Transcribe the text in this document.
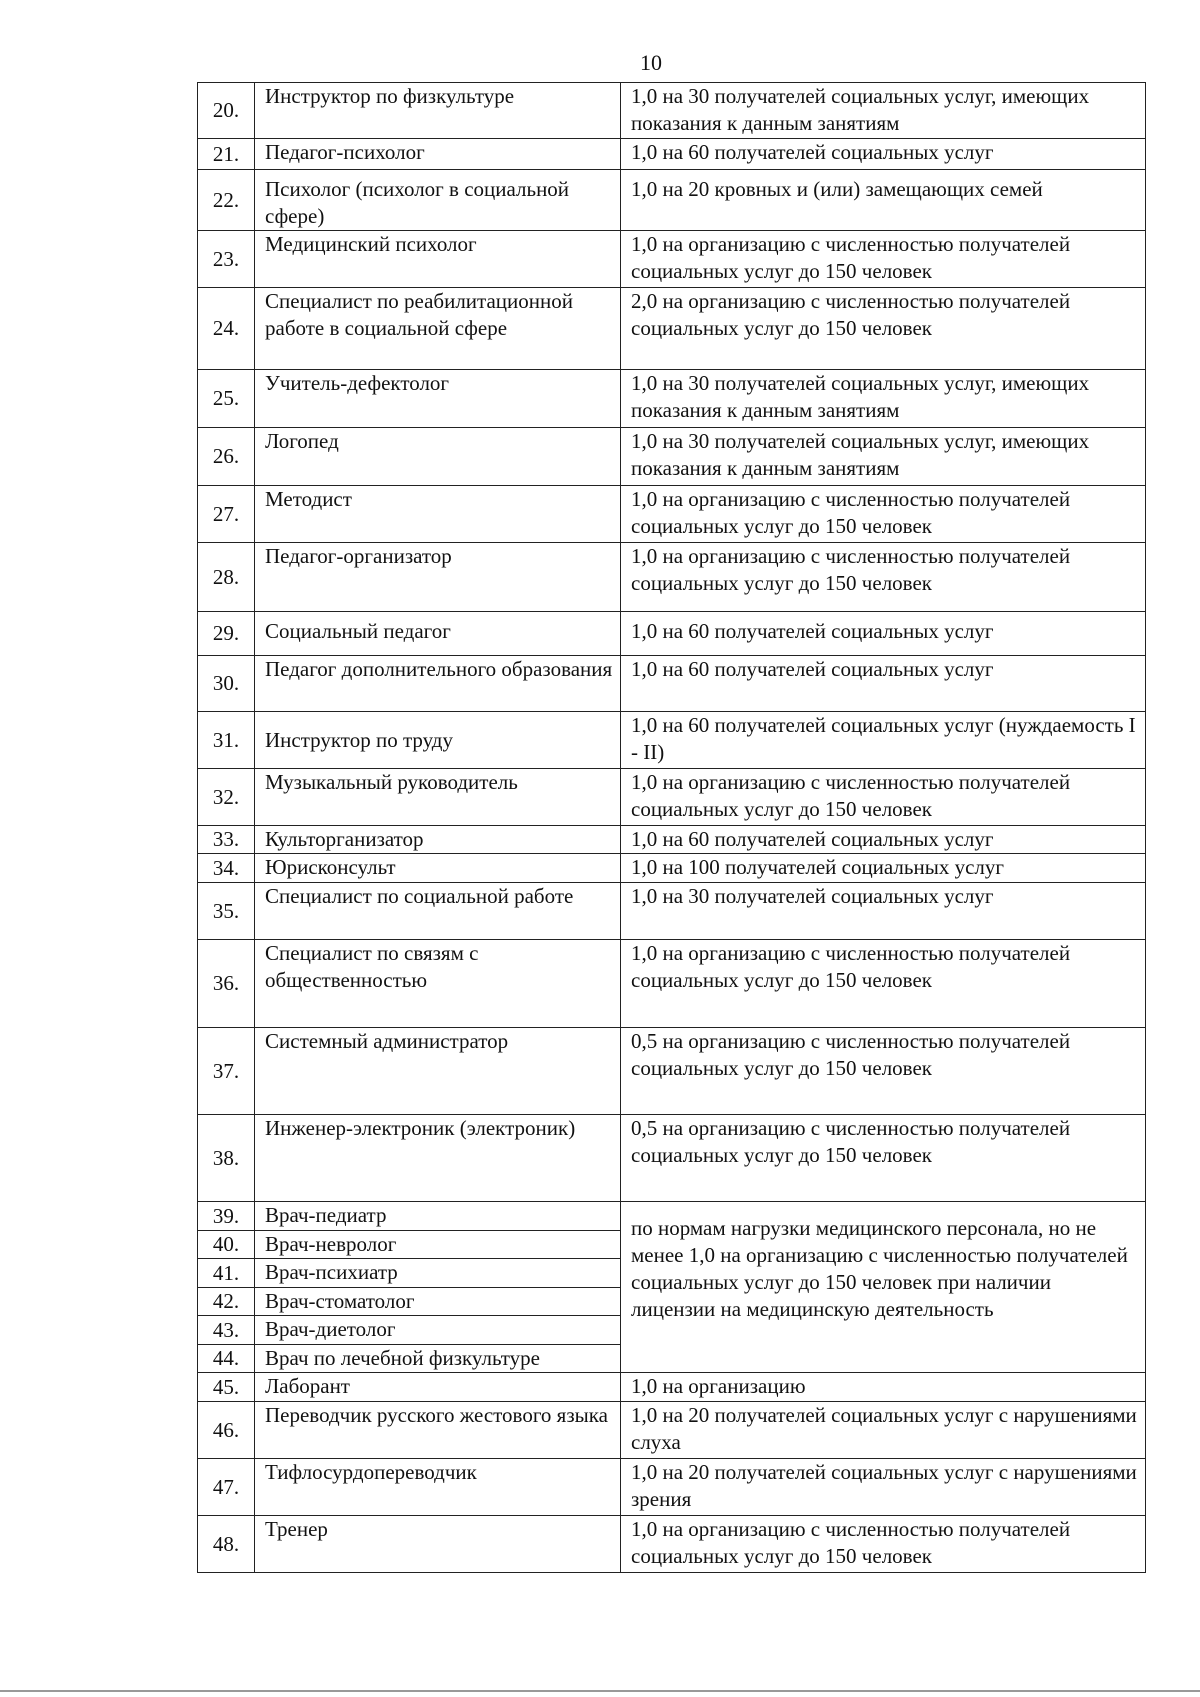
10
20.	Инструктор по физкультуре	1,0 на 30 получателей социальных услуг, имеющих показания к данным занятиям
21.	Педагог-психолог	1,0 на 60 получателей социальных услуг
22.	Психолог (психолог в социальной сфере)	1,0 на 20 кровных и (или) замещающих семей
23.	Медицинский психолог	1,0 на организацию с численностью получателей социальных услуг до 150 человек
24.	Специалист по реабилитационной работе в социальной сфере	2,0 на организацию с численностью получателей социальных услуг до 150 человек
25.	Учитель-дефектолог	1,0 на 30 получателей социальных услуг, имеющих показания к данным занятиям
26.	Логопед	1,0 на 30 получателей социальных услуг, имеющих показания к данным занятиям
27.	Методист	1,0 на организацию с численностью получателей социальных услуг до 150 человек
28.	Педагог-организатор	1,0 на организацию с численностью получателей социальных услуг до 150 человек
29.	Социальный педагог	1,0 на 60 получателей социальных услуг
30.	Педагог дополнительного образования	1,0 на 60 получателей социальных услуг
31.	Инструктор по труду	1,0 на 60 получателей социальных услуг (нуждаемость I - II)
32.	Музыкальный руководитель	1,0 на организацию с численностью получателей социальных услуг до 150 человек
33.	Культорганизатор	1,0 на 60 получателей социальных услуг
34.	Юрисконсульт	1,0 на 100 получателей социальных услуг
35.	Специалист по социальной работе	1,0 на 30 получателей социальных услуг
36.	Специалист по связям с общественностью	1,0 на организацию с численностью получателей социальных услуг до 150 человек
37.	Системный администратор	0,5 на организацию с численностью получателей социальных услуг до 150 человек
38.	Инженер-электроник (электроник)	0,5 на организацию с численностью получателей социальных услуг до 150 человек
39.	Врач-педиатр	по нормам нагрузки медицинского персонала, но не менее 1,0 на организацию с численностью получателей социальных услуг до 150 человек при наличии лицензии на медицинскую деятельность
40.	Врач-невролог	
41.	Врач-психиатр	
42.	Врач-стоматолог	
43.	Врач-диетолог	
44.	Врач по лечебной физкультуре	
45.	Лаборант	1,0 на организацию
46.	Переводчик русского жестового языка	1,0 на 20 получателей социальных услуг с нарушениями слуха
47.	Тифлосурдопереводчик	1,0 на 20 получателей социальных услуг с нарушениями зрения
48.	Тренер	1,0 на организацию с численностью получателей социальных услуг до 150 человек
